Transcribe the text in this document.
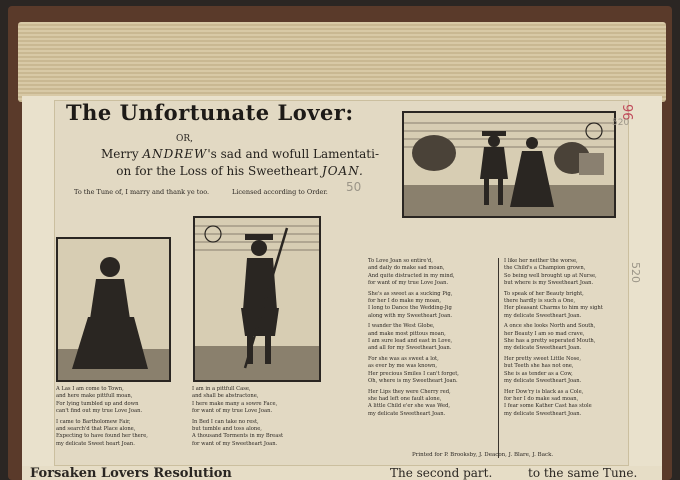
The Unfortunate Lover:
OR,
Merry ANDREW's sad and wofull Lamentati-
on for the Loss of his Sweetheart JOAN.
To the Tune of, I marry and thank ye too.	Licensed according to Order.

A Las I am come to Town,
and here make pittfull moan,
For lying tumbled up and down
can't find out my true Love Joan.

I came to Bartholomew Fair,
and search'd that Place alone,
Expecting to have found her there,
my delicate Sweet heart Joan.

I am in a pittfull Case,
and shall be abstractone,
I here make many a sowre Face,
for want of my true Love Joan.

In Bed I can take no rest,
but tumble and toss alone,
A thousand Torments in my Breast
for want of my Sweetheart Joan.

To Love Joan so entire'd,
and daily do make sad moan,
And quite distracted in my mind,
for want of my true Love Joan.

She's as sweet as a sucking Pig,
for her I do make my moan,
I long to Dance the Wedding-Jig
along with my Sweetheart Joan.

I wander the West Globe,
and make most pittous moan,
I am sure lead and east in Love,
and all for my Sweetheart Joan.

For she was as sweet a lot,
as ever by me was known,
Her precious Smiles I can't forget,
Oh, where is my Sweetheart Joan.

Her Lips they were Cherry red,
she had left one fault alone,
A little Child e'er she was Wed,
my delicate Sweetheart Joan.

I like her neither the worse,
the Child's a Champion grown,
So being well brought up at Nurse,
but where is my Sweetheart Joan.

To speak of her Beauty bright,
there hardly is such a One,
Her pleasant Charms to him my sight
my delicate Sweetheart Joan.

A once she looks North and South,
her Beauty I am so mad crave,
She has a pretty seperated Mouth,
my delicate Sweetheart Joan.

Her pretty sweet Little Nose,
but Teeth she has not one,
She is as tender as a Cow,
my delicate Sweetheart Joan.

Her Dow'ry is black as a Cole,
for her I do make sad moan,
I fear some Kather Cast has stole
my delicate Sweetheart Joan.

Printed for P. Brooksby, J. Deacon, J. Blare, J. Back.
96
520
520
50
Forsaken Lovers Resolution	The second part.	to the same Tune.
